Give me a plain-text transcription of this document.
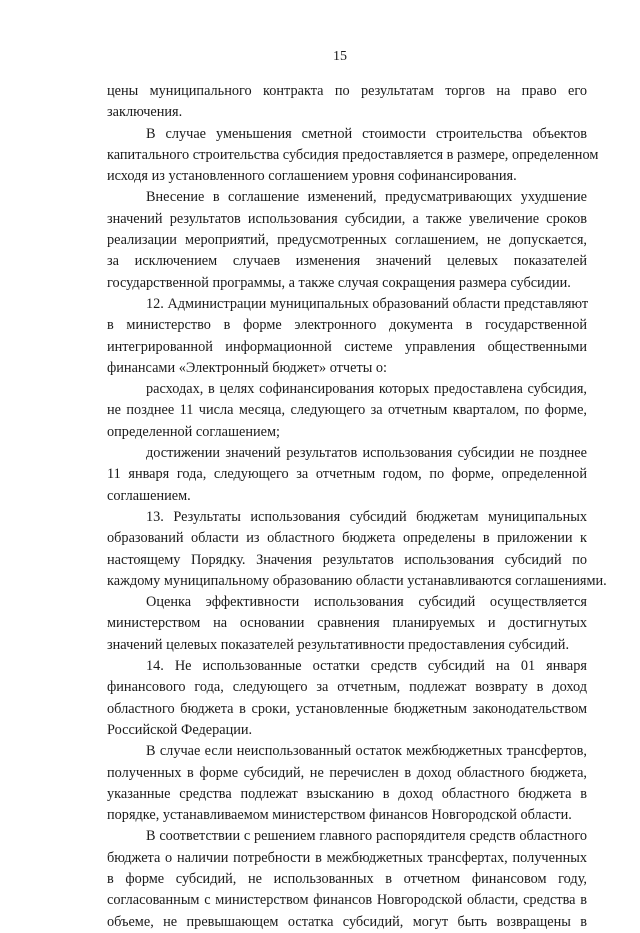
15
цены муниципального контракта по результатам торгов на право его
заключения.
В случае уменьшения сметной стоимости строительства объектов
капитального строительства субсидия предоставляется в размере, определенном
исходя из установленного соглашением уровня софинансирования.
Внесение в соглашение изменений, предусматривающих ухудшение
значений результатов использования субсидии, а также увеличение сроков
реализации мероприятий, предусмотренных соглашением, не допускается,
за исключением случаев изменения значений целевых показателей
государственной программы, а также случая сокращения размера субсидии.
12. Администрации муниципальных образований области представляют
в министерство в форме электронного документа в государственной
интегрированной информационной системе управления общественными
финансами «Электронный бюджет» отчеты о:
расходах, в целях софинансирования которых предоставлена субсидия,
не позднее 11 числа месяца, следующего за отчетным кварталом, по форме,
определенной соглашением;
достижении значений результатов использования субсидии не позднее
11 января года, следующего за отчетным годом, по форме, определенной
соглашением.
13. Результаты использования субсидий бюджетам муниципальных
образований области из областного бюджета определены в приложении к
настоящему Порядку. Значения результатов использования субсидий по
каждому муниципальному образованию области устанавливаются соглашениями.
Оценка эффективности использования субсидий осуществляется
министерством на основании сравнения планируемых и достигнутых
значений целевых показателей результативности предоставления субсидий.
14. Не использованные остатки средств субсидий на 01 января
финансового года, следующего за отчетным, подлежат возврату в доход
областного бюджета в сроки, установленные бюджетным законодательством
Российской Федерации.
В случае если неиспользованный остаток межбюджетных трансфертов,
полученных в форме субсидий, не перечислен в доход областного бюджета,
указанные средства подлежат взысканию в доход областного бюджета в
порядке, устанавливаемом министерством финансов Новгородской области.
В соответствии с решением главного распорядителя средств областного
бюджета о наличии потребности в межбюджетных трансфертах, полученных
в форме субсидий, не использованных в отчетном финансовом году,
согласованным с министерством финансов Новгородской области, средства в
объеме, не превышающем остатка субсидий, могут быть возвращены в
